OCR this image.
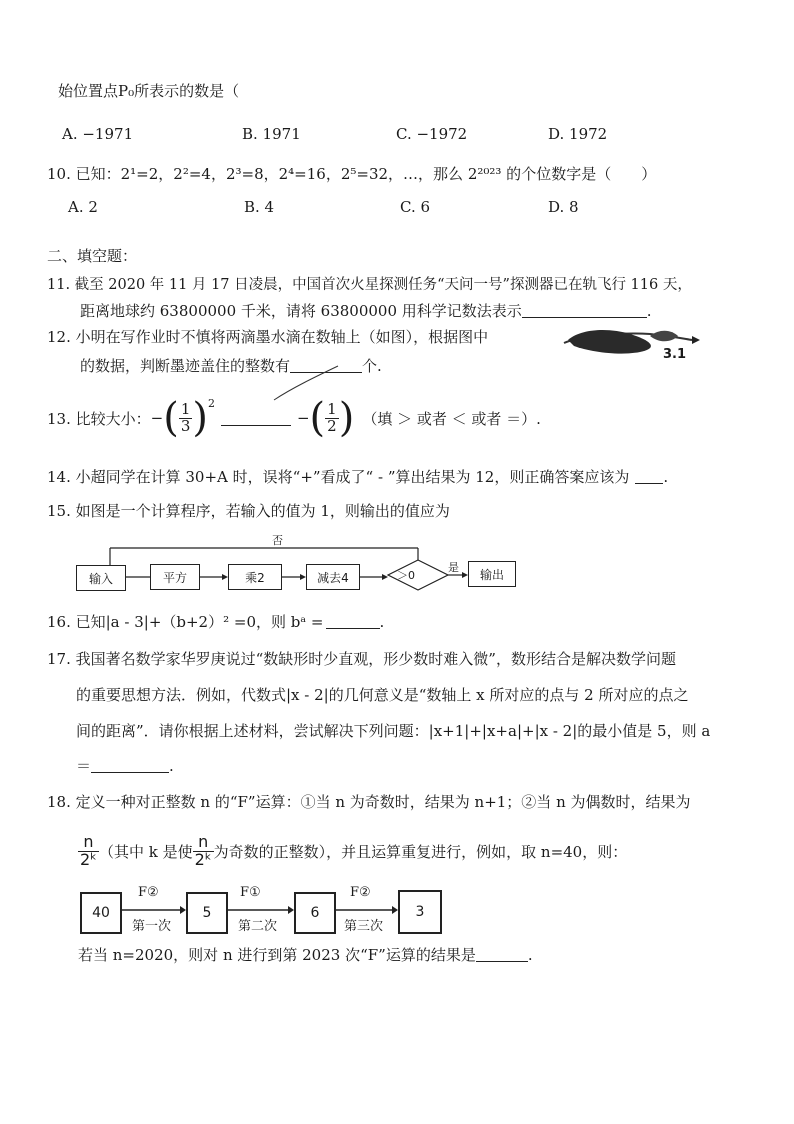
始位置点P₀所表示的数是（
A. −1971	B. 1971	C. −1972	D. 1972
10. 已知：2¹=2，2²=4，2³=8，2⁴=16，2⁵=32，…，那么 2²⁰²³ 的个位数字是（　　）
A. 2	B. 4	C. 6	D. 8
二、填空题：
11. 截至 2020 年 11 月 17 日凌晨，中国首次火星探测任务“天问一号”探测器已在轨飞行 116 天，
距离地球约 63800000 千米，请将 63800000 用科学记数法表示	.
12. 小明在写作业时不慎将两滴墨水滴在数轴上（如图），根据图中
的数据，判断墨迹盖住的整数有	个.
3.1
13. 比较大小： − ( $\frac{1}{3} )^2$
− ( $\frac{1}{2}$ ) （填 ＞ 或者 ＜ 或者 ＝）.
14. 小超同学在计算 30+A 时，误将“+”看成了“ - ”算出结果为 12，则正确答案应该为 .
15. 如图是一个计算程序，若输入的值为 1，则输出的值应为
否
是
输入	平方	乘2	减去4	＞0	输出
16. 已知|a - 3|+（b+2）² =0，则 bᵃ =	.
17. 我国著名数学家华罗庚说过“数缺形时少直观，形少数时难入微”，数形结合是解决数学问题
的重要思想方法．例如，代数式|x - 2|的几何意义是“数轴上 x 所对应的点与 2 所对应的点之
间的距离”．请你根据上述材料，尝试解决下列问题：|x+1|+|x+a|+|x - 2|的最小值是 5，则 a
＝	.
18. 定义一种对正整数 n 的“F”运算：①当 n 为奇数时，结果为 n+1；②当 n 为偶数时，结果为
$\frac{n}{\text{2ᵏ}}$ （其中 k 是使 $\frac{n}{\text{2ᵏ}}$ 为奇数的正整数），并且运算重复进行，例如，取 n=40，则：
40	5	6	3
F②	F①	F②
第一次	第二次	第三次
若当 n=2020，则对 n 进行到第 2023 次“F”运算的结果是	.
